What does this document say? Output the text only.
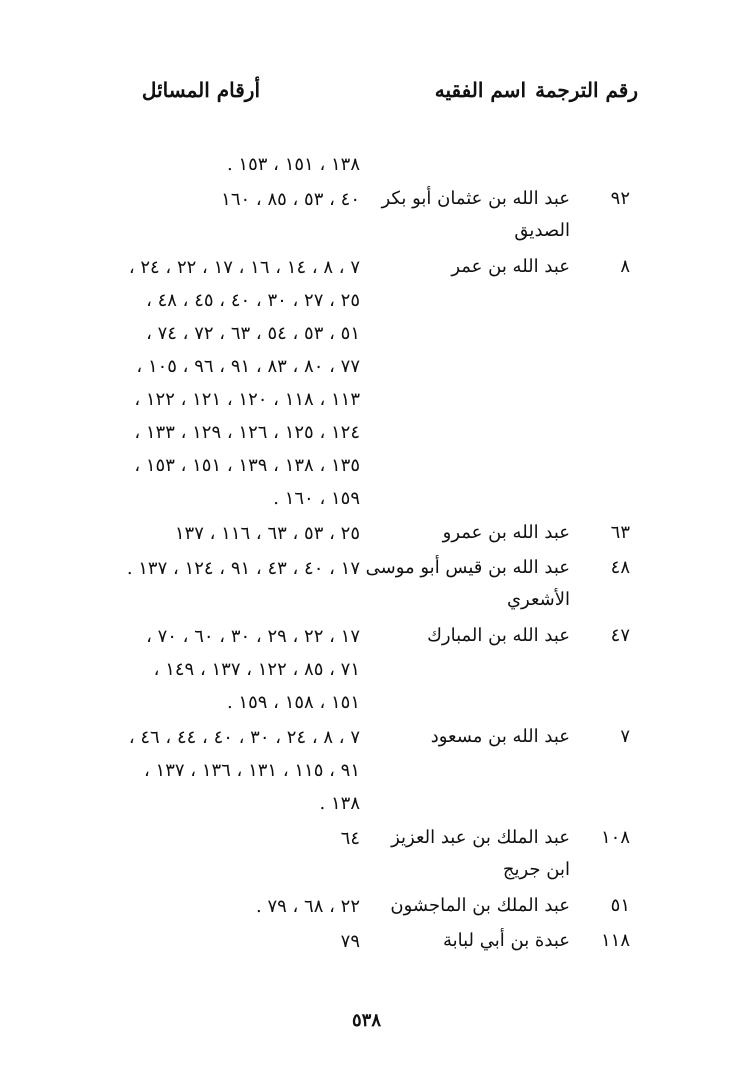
رقم الترجمة
اسم الفقيه
أرقام المسائل
١٣٨ ، ١٥١ ، ١٥٣ .
٩٢
عبد الله بن عثمان أبو بكر
الصديق
٤٠ ، ٥٣ ، ٨٥ ، ١٦٠

٨
عبد الله بن عمر
٧ ، ٨ ، ١٤ ، ١٦ ، ١٧ ، ٢٢ ، ٢٤ ،
٢٥ ، ٢٧ ، ٣٠ ، ٤٠ ، ٤٥ ، ٤٨ ،
٥١ ، ٥٣ ، ٥٤ ، ٦٣ ، ٧٢ ، ٧٤ ،
٧٧ ، ٨٠ ، ٨٣ ، ٩١ ، ٩٦ ، ١٠٥ ،
١١٣ ، ١١٨ ، ١٢٠ ، ١٢١ ، ١٢٢ ،
١٢٤ ، ١٢٥ ، ١٢٦ ، ١٢٩ ، ١٣٣ ،
١٣٥ ، ١٣٨ ، ١٣٩ ، ١٥١ ، ١٥٣ ،
١٥٩ ، ١٦٠ .
٦٣
عبد الله بن عمرو
٢٥ ، ٥٣ ، ٦٣ ، ١١٦ ، ١٣٧
٤٨
عبد الله بن قيس أبو موسى
الأشعري
١٧ ، ٤٠ ، ٤٣ ، ٩١ ، ١٢٤ ، ١٣٧ .

٤٧
عبد الله بن المبارك
١٧ ، ٢٢ ، ٢٩ ، ٣٠ ، ٦٠ ، ٧٠ ،
٧١ ، ٨٥ ، ١٢٢ ، ١٣٧ ، ١٤٩ ،
١٥١ ، ١٥٨ ، ١٥٩ .
٧
عبد الله بن مسعود
٧ ، ٨ ، ٢٤ ، ٣٠ ، ٤٠ ، ٤٤ ، ٤٦ ،
٩١ ، ١١٥ ، ١٣١ ، ١٣٦ ، ١٣٧ ،
١٣٨ .
١٠٨
عبد الملك بن عبد العزيز
ابن جريج
٦٤

٥١
عبد الملك بن الماجشون
٢٢ ، ٦٨ ، ٧٩ .
١١٨
عبدة بن أبي لبابة
٧٩
٥٣٨
